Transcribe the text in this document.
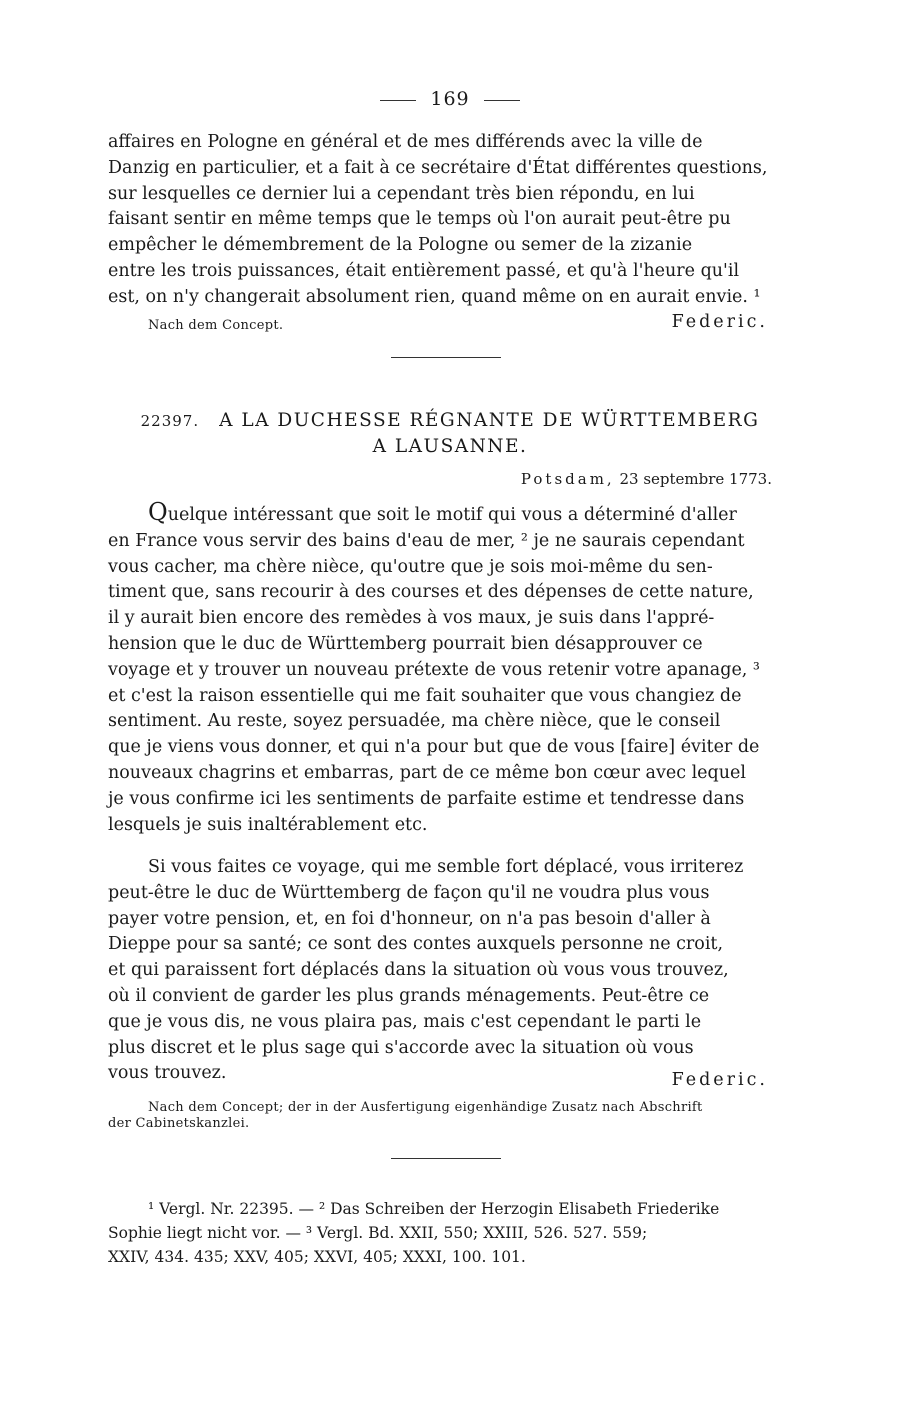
169

affaires en Pologne en général et de mes différends avec la ville de

Danzig en particulier, et a fait à ce secrétaire d'État différentes questions,

sur lesquelles ce dernier lui a cependant très bien répondu, en lui

faisant sentir en même temps que le temps où l'on aurait peut-être pu

empêcher le démembrement de la Pologne ou semer de la zizanie

entre les trois puissances, était entièrement passé, et qu'à l'heure qu'il

est, on n'y changerait absolument rien, quand même on en aurait envie. ¹

Nach dem Concept.	Federic.
22397. A LA DUCHESSE RÉGNANTE DE WÜRTTEMBERG
A LAUSANNE.
Potsdam, 23 septembre 1773.

Quelque intéressant que soit le motif qui vous a déterminé d'aller

en France vous servir des bains d'eau de mer, ² je ne saurais cependant

vous cacher, ma chère nièce, qu'outre que je sois moi-même du sen-

timent que, sans recourir à des courses et des dépenses de cette nature,

il y aurait bien encore des remèdes à vos maux, je suis dans l'appré-

hension que le duc de Württemberg pourrait bien désapprouver ce

voyage et y trouver un nouveau prétexte de vous retenir votre apanage, ³

et c'est la raison essentielle qui me fait souhaiter que vous changiez de

sentiment. Au reste, soyez persuadée, ma chère nièce, que le conseil

que je viens vous donner, et qui n'a pour but que de vous [faire] éviter de

nouveaux chagrins et embarras, part de ce même bon cœur avec lequel

je vous confirme ici les sentiments de parfaite estime et tendresse dans

lesquels je suis inaltérablement etc.

Si vous faites ce voyage, qui me semble fort déplacé, vous irriterez

peut-être le duc de Württemberg de façon qu'il ne voudra plus vous

payer votre pension, et, en foi d'honneur, on n'a pas besoin d'aller à

Dieppe pour sa santé; ce sont des contes auxquels personne ne croit,

et qui paraissent fort déplacés dans la situation où vous vous trouvez,

où il convient de garder les plus grands ménagements. Peut-être ce

que je vous dis, ne vous plaira pas, mais c'est cependant le parti le

plus discret et le plus sage qui s'accorde avec la situation où vous

vous trouvez.	Federic.
Nach dem Concept; der in der Ausfertigung eigenhändige Zusatz nach Abschrift
der Cabinetskanzlei.

¹ Vergl. Nr. 22395. — ² Das Schreiben der Herzogin Elisabeth Friederike

Sophie liegt nicht vor. — ³ Vergl. Bd. XXII, 550; XXIII, 526. 527. 559;

XXIV, 434. 435; XXV, 405; XXVI, 405; XXXI, 100. 101.
